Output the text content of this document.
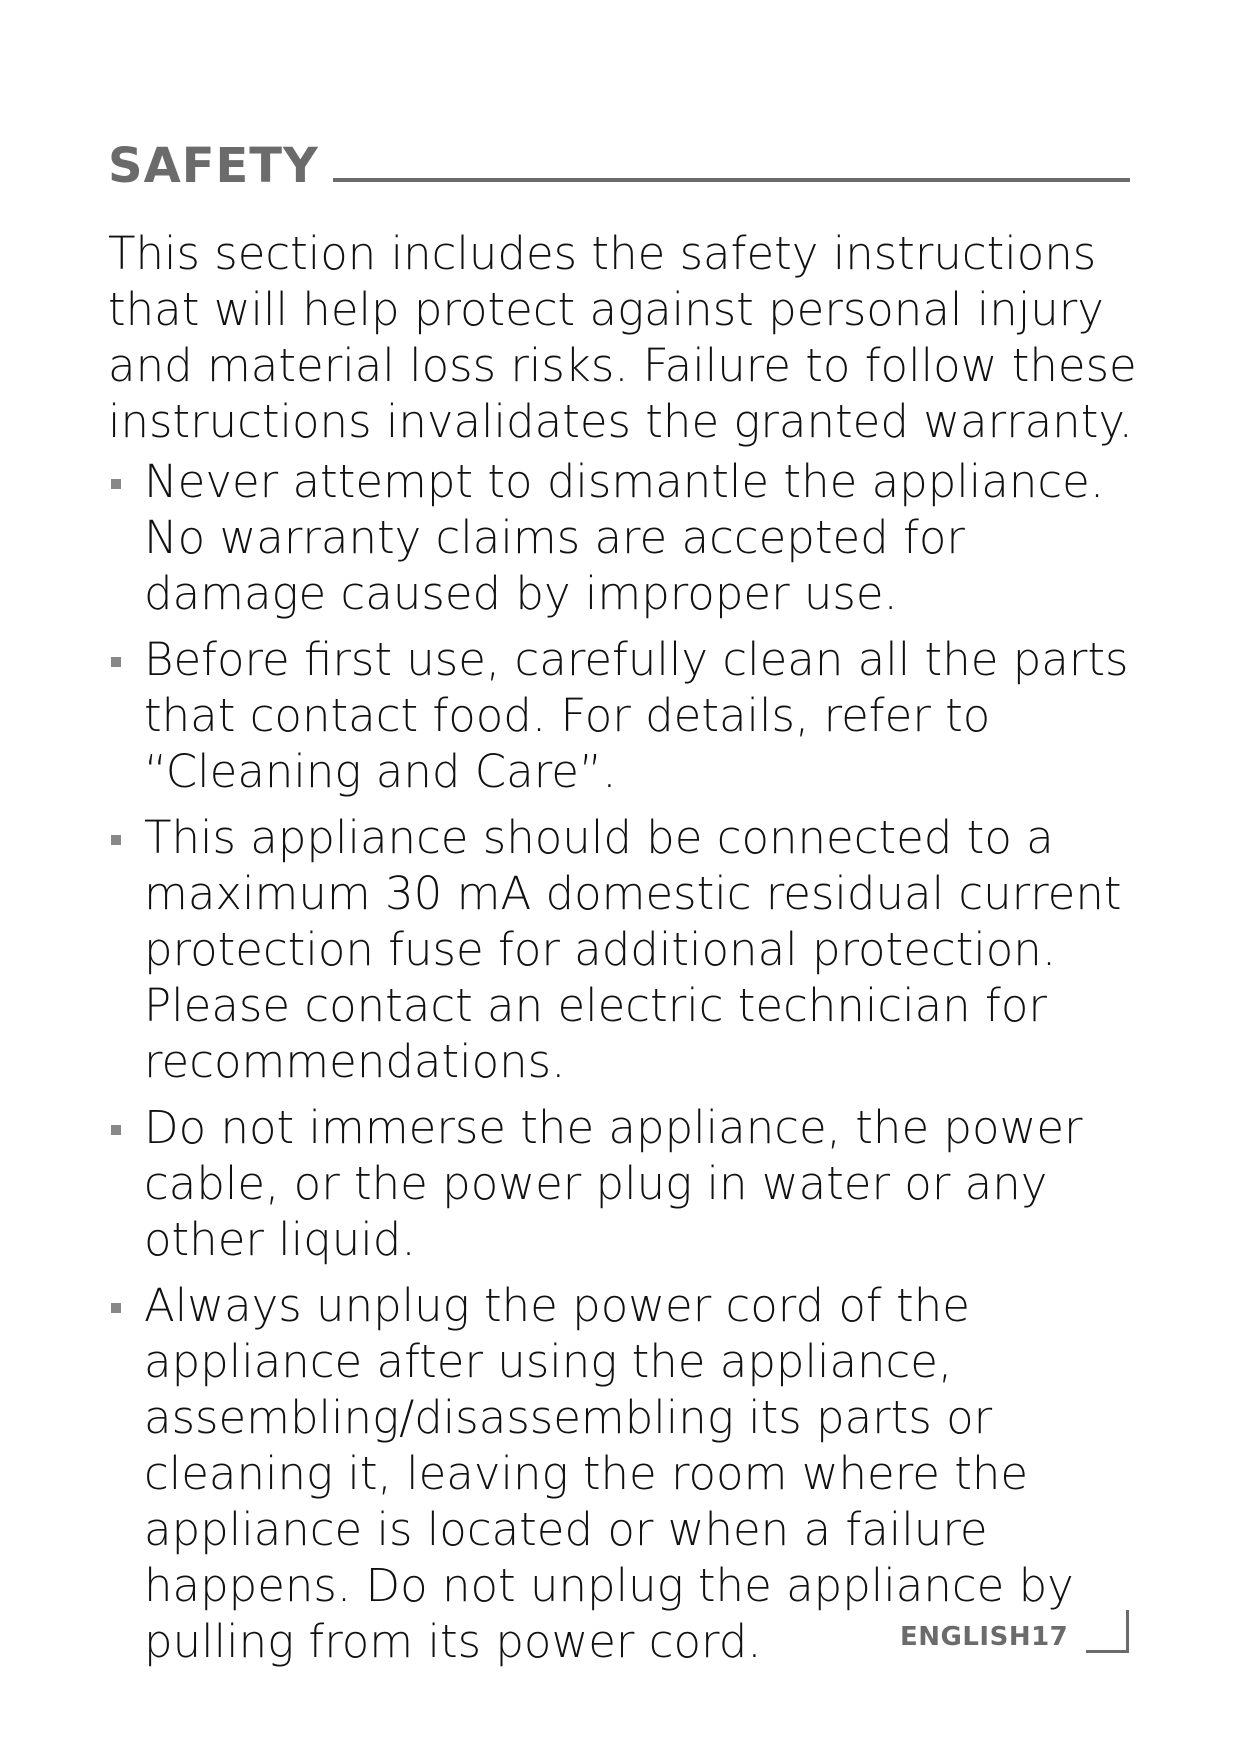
SAFETY

This section includes the safety instructions that will help protect against personal injury and material loss risks. Failure to follow these instructions invalidates the granted warranty.

Never attempt to dismantle the appliance. No warranty claims are accepted for damage caused by improper use.
Before first use, carefully clean all the parts that contact food. For details, refer to “Cleaning and Care”.
This appliance should be connected to a maximum 30 mA domestic residual current protection fuse for additional protection. Please contact an electric technician for recommendations.
Do not immerse the appliance, the power cable, or the power plug in water or any other liquid.
Always unplug the power cord of the appliance after using the appliance, assembling/disassembling its parts or cleaning it, leaving the room where the appliance is located or when a failure happens. Do not unplug the appliance by pulling from its power cord.	ENGLISH17
